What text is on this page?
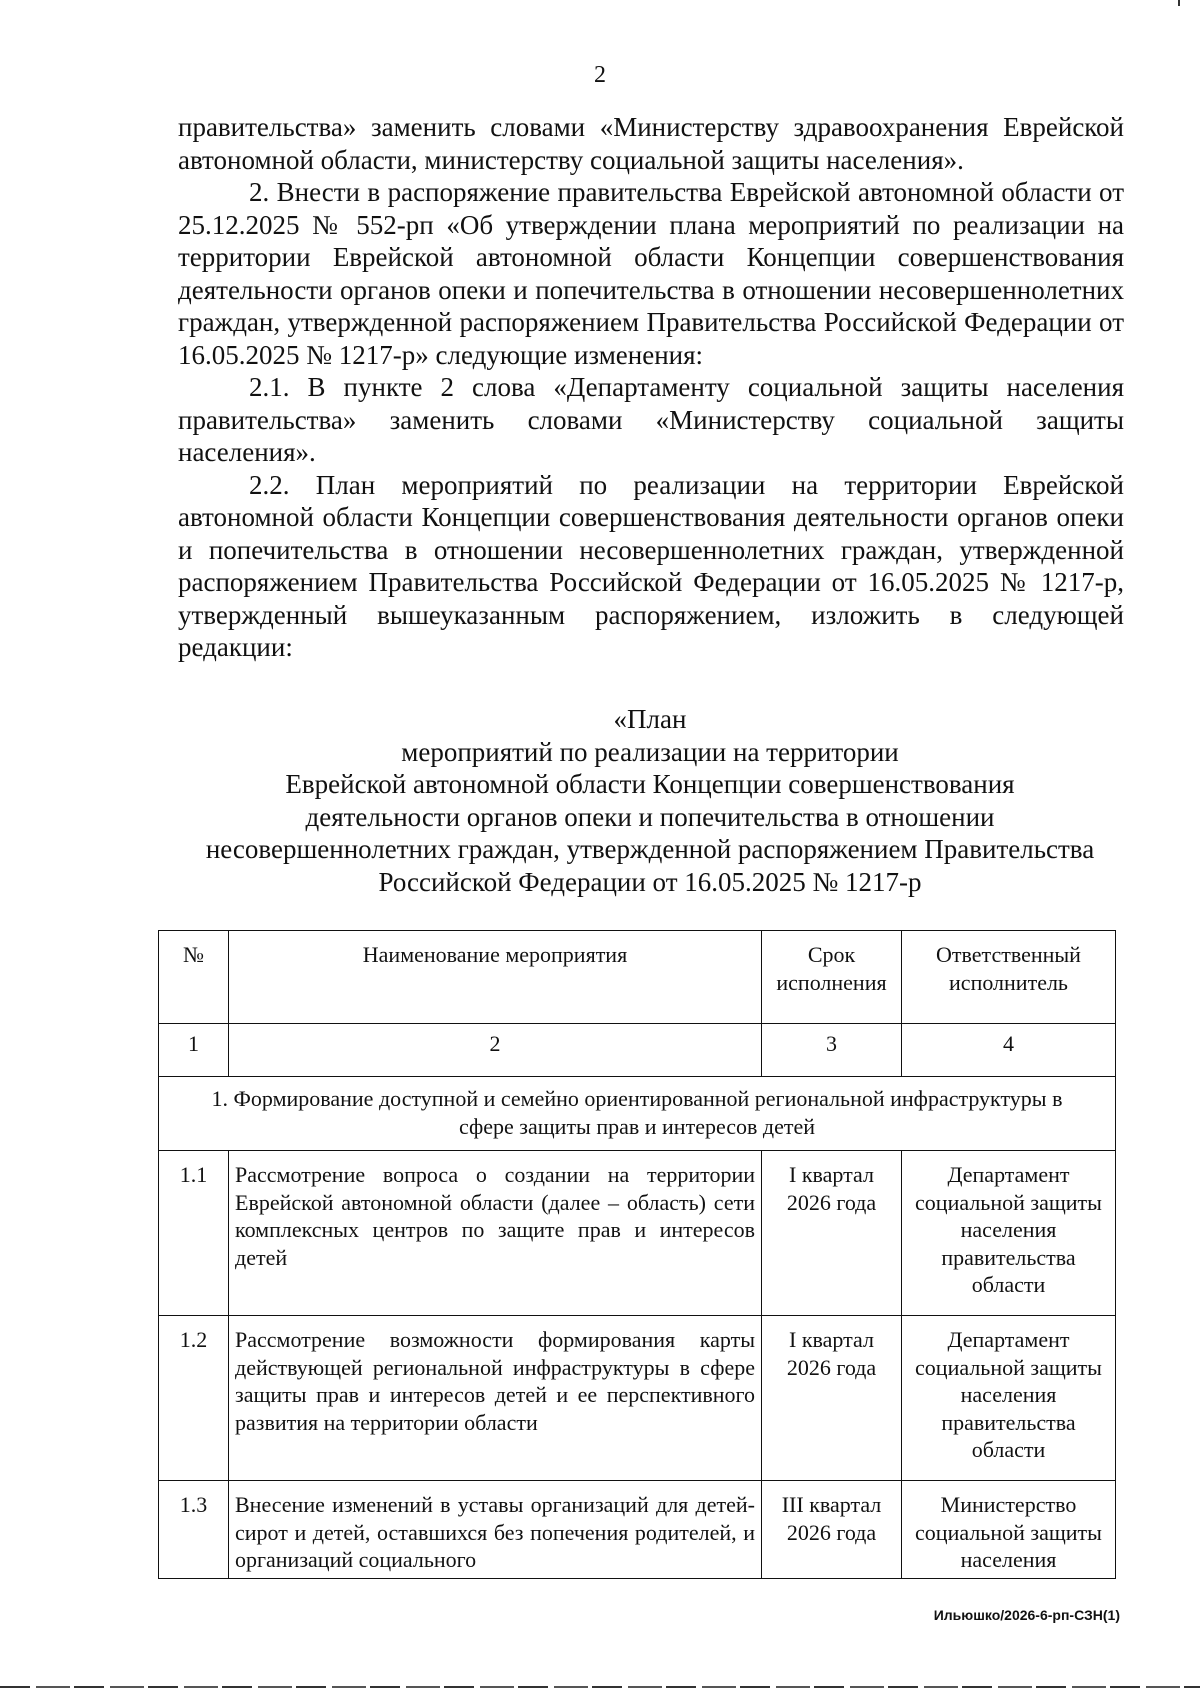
2

правительства» заменить словами «Министерству здравоохранения Еврейской автономной области, министерству социальной защиты населения».

2. Внести в распоряжение правительства Еврейской автономной области от 25.12.2025 № 552-рп «Об утверждении плана мероприятий по реализации на территории Еврейской автономной области Концепции совершенствования деятельности органов опеки и попечительства в отношении несовершеннолетних граждан, утвержденной распоряжением Правительства Российской Федерации от 16.05.2025 № 1217-р» следующие изменения:

2.1. В пункте 2 слова «Департаменту социальной защиты населения правительства» заменить словами «Министерству социальной защиты населения».

2.2. План мероприятий по реализации на территории Еврейской автономной области Концепции совершенствования деятельности органов опеки и попечительства в отношении несовершеннолетних граждан, утвержденной распоряжением Правительства Российской Федерации от 16.05.2025 № 1217-р, утвержденный вышеуказанным распоряжением, изложить в следующей редакции:

«План
мероприятий по реализации на территории
Еврейской автономной области Концепции совершенствования
деятельности органов опеки и попечительства в отношении
несовершеннолетних граждан, утвержденной распоряжением Правительства
Российской Федерации от 16.05.2025 № 1217-р
№	Наименование мероприятия	Срок исполнения	Ответственный исполнитель
1	2	3	4
1. Формирование доступной и семейно ориентированной региональной инфраструктуры в сфере защиты прав и интересов детей			
1.1	Рассмотрение вопроса о создании на территории Еврейской автономной области (далее – область) сети комплексных центров по защите прав и интересов детей	I квартал 2026 года	Департамент социальной защиты населения правительства области
1.2	Рассмотрение возможности формирования карты действующей региональной инфраструктуры в сфере защиты прав и интересов детей и ее перспективного развития на территории области	I квартал 2026 года	Департамент социальной защиты населения правительства области
1.3	Внесение изменений в уставы организаций для детей-сирот и детей, оставшихся без попечения родителей, и организаций социального	III квартал 2026 года	Министерство социальной защиты населения
Ильюшко/2026-6-рп-СЗН(1)
